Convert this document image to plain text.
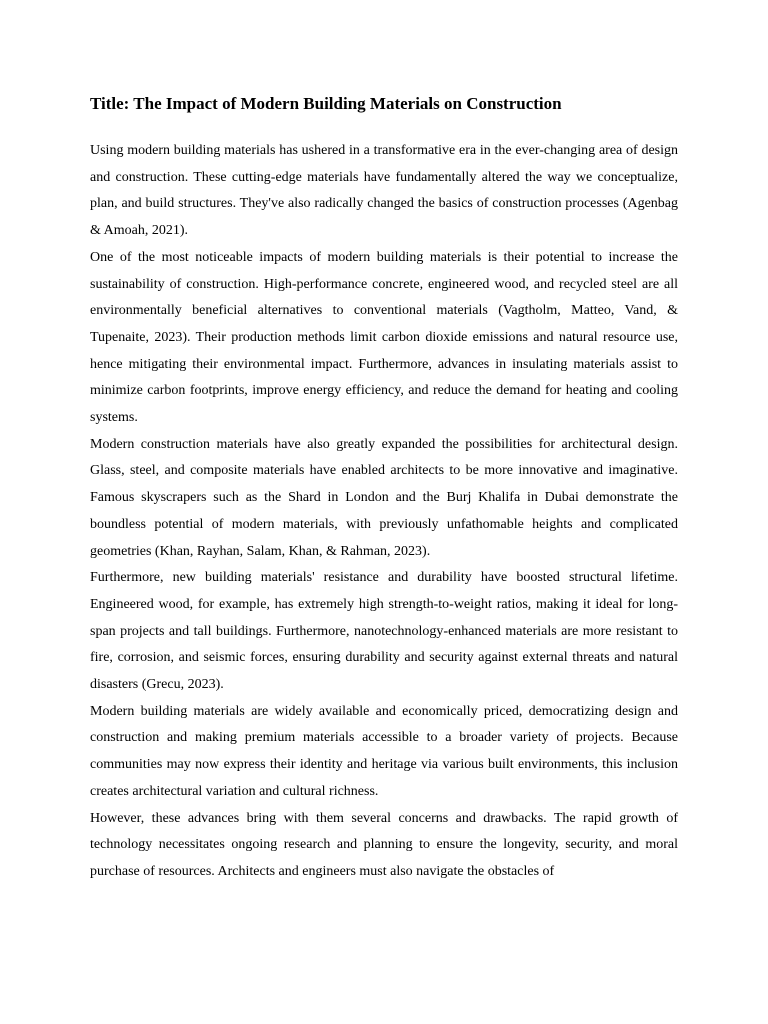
Title: The Impact of Modern Building Materials on Construction

Using modern building materials has ushered in a transformative era in the ever-changing area of design and construction. These cutting-edge materials have fundamentally altered the way we conceptualize, plan, and build structures. They've also radically changed the basics of construction processes (Agenbag & Amoah, 2021).

One of the most noticeable impacts of modern building materials is their potential to increase the sustainability of construction. High-performance concrete, engineered wood, and recycled steel are all environmentally beneficial alternatives to conventional materials (Vagtholm, Matteo, Vand, & Tupenaite, 2023). Their production methods limit carbon dioxide emissions and natural resource use, hence mitigating their environmental impact. Furthermore, advances in insulating materials assist to minimize carbon footprints, improve energy efficiency, and reduce the demand for heating and cooling systems.

Modern construction materials have also greatly expanded the possibilities for architectural design. Glass, steel, and composite materials have enabled architects to be more innovative and imaginative. Famous skyscrapers such as the Shard in London and the Burj Khalifa in Dubai demonstrate the boundless potential of modern materials, with previously unfathomable heights and complicated geometries (Khan, Rayhan, Salam, Khan, & Rahman, 2023).

Furthermore, new building materials' resistance and durability have boosted structural lifetime. Engineered wood, for example, has extremely high strength-to-weight ratios, making it ideal for long-span projects and tall buildings. Furthermore, nanotechnology-enhanced materials are more resistant to fire, corrosion, and seismic forces, ensuring durability and security against external threats and natural disasters (Grecu, 2023).

Modern building materials are widely available and economically priced, democratizing design and construction and making premium materials accessible to a broader variety of projects. Because communities may now express their identity and heritage via various built environments, this inclusion creates architectural variation and cultural richness.

However, these advances bring with them several concerns and drawbacks. The rapid growth of technology necessitates ongoing research and planning to ensure the longevity, security, and moral purchase of resources. Architects and engineers must also navigate the obstacles of
